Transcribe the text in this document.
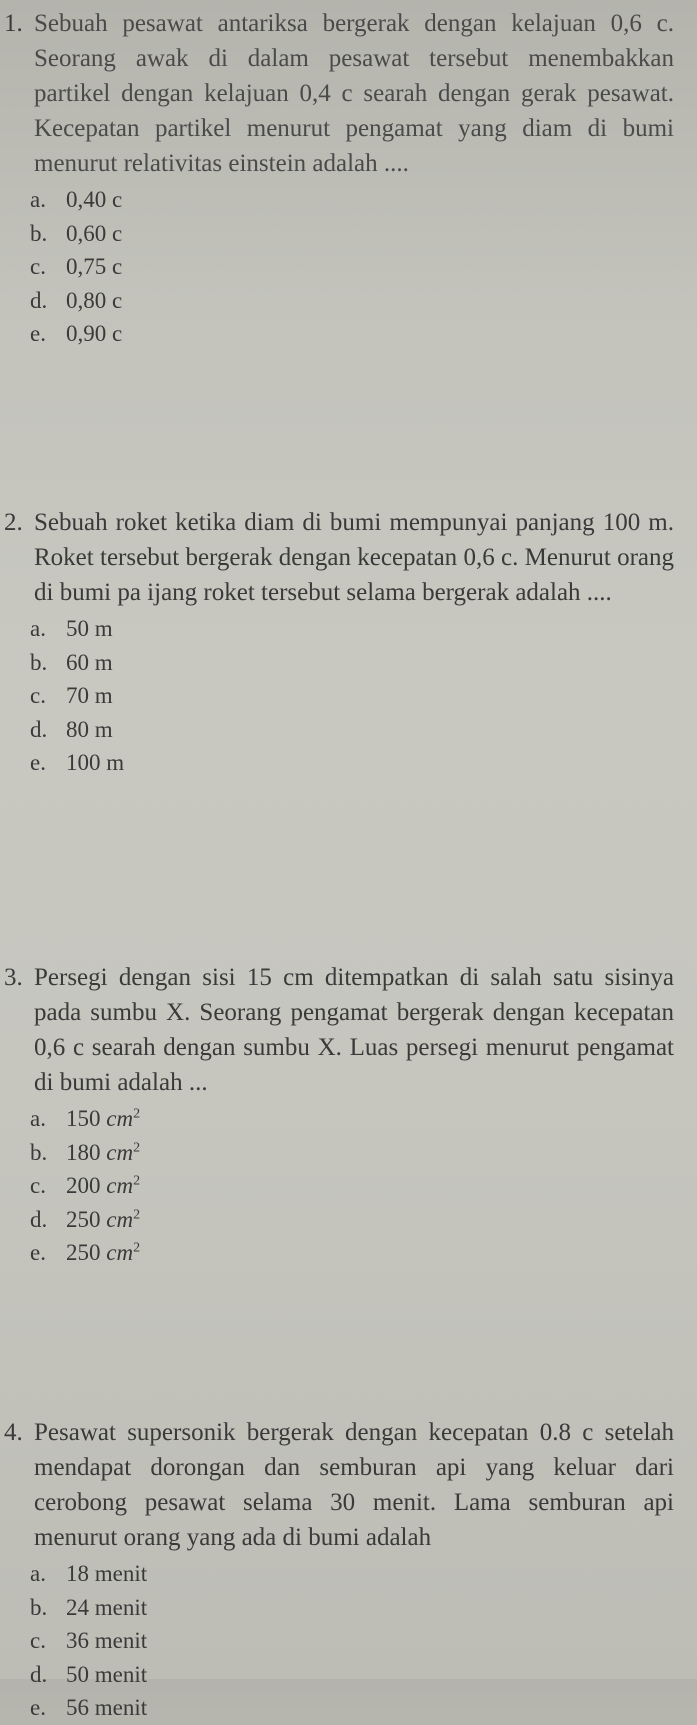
1. Sebuah pesawat antariksa bergerak dengan kelajuan 0,6 c. Seorang awak di dalam pesawat tersebut menembakkan partikel dengan kelajuan 0,4 c searah dengan gerak pesawat. Kecepatan partikel menurut pengamat yang diam di bumi menurut relativitas einstein adalah ....
a. 0,40 c
b. 0,60 c
c. 0,75 c
d. 0,80 c
e. 0,90 c
2. Sebuah roket ketika diam di bumi mempunyai panjang 100 m. Roket tersebut bergerak dengan kecepatan 0,6 c. Menurut orang di bumi pa ijang roket tersebut selama bergerak adalah ....
a. 50 m
b. 60 m
c. 70 m
d. 80 m
e. 100 m
3. Persegi dengan sisi 15 cm ditempatkan di salah satu sisinya pada sumbu X. Seorang pengamat bergerak dengan kecepatan 0,6 c searah dengan sumbu X. Luas persegi menurut pengamat di bumi adalah ...
a. 150 $cm^2$
b. 180 $cm^2$
c. 200 $cm^2$
d. 250 $cm^2$
e. 250 $cm^2$
4. Pesawat supersonik bergerak dengan kecepatan 0.8 c setelah mendapat dorongan dan semburan api yang keluar dari cerobong pesawat selama 30 menit. Lama semburan api menurut orang yang ada di bumi adalah
a. 18 menit
b. 24 menit
c. 36 menit
d. 50 menit
e. 56 menit
